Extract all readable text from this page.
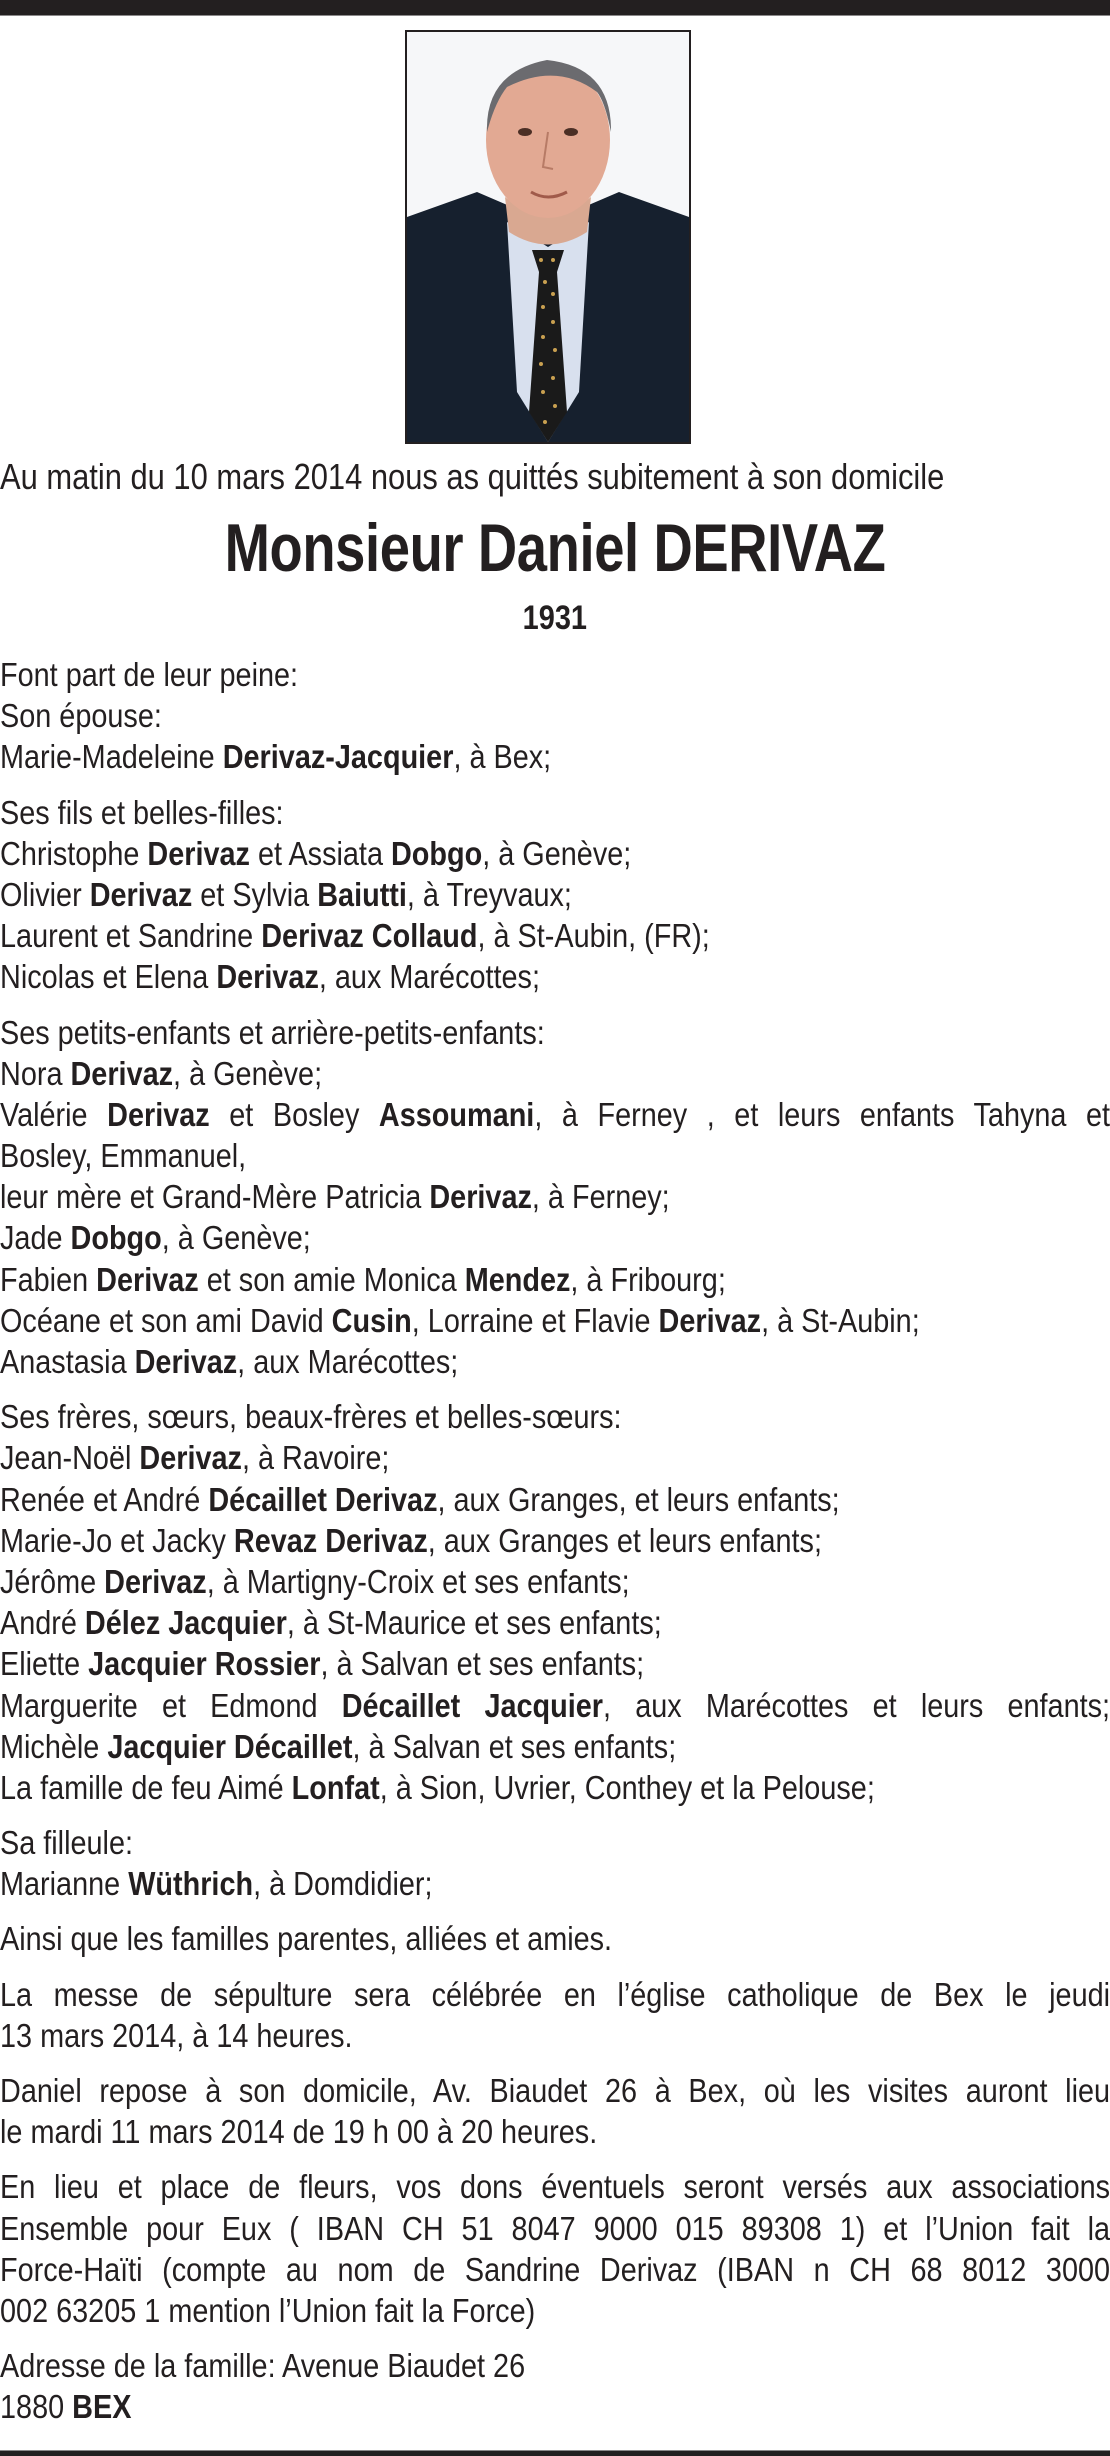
Au matin du 10 mars 2014 nous as quittés subitement à son domicile
Monsieur Daniel DERIVAZ
1931
Font part de leur peine:
Son épouse:
Marie-Madeleine Derivaz-Jacquier, à Bex;
Ses fils et belles-filles:
Christophe Derivaz et Assiata Dobgo, à Genève;
Olivier Derivaz et Sylvia Baiutti, à Treyvaux;
Laurent et Sandrine Derivaz Collaud, à St-Aubin, (FR);
Nicolas et Elena Derivaz, aux Marécottes;
Ses petits-enfants et arrière-petits-enfants:
Nora Derivaz, à Genève;
Valérie Derivaz et Bosley Assoumani, à Ferney , et leurs enfants Tahyna et
Bosley, Emmanuel,
leur mère et Grand-Mère Patricia Derivaz, à Ferney;
Jade Dobgo, à Genève;
Fabien Derivaz et son amie Monica Mendez, à Fribourg;
Océane et son ami David Cusin, Lorraine et Flavie Derivaz, à St-Aubin;
Anastasia Derivaz, aux Marécottes;
Ses frères, sœurs, beaux-frères et belles-sœurs:
Jean-Noël Derivaz, à Ravoire;
Renée et André Décaillet Derivaz, aux Granges, et leurs enfants;
Marie-Jo et Jacky Revaz Derivaz, aux Granges et leurs enfants;
Jérôme Derivaz, à Martigny-Croix et ses enfants;
André Délez Jacquier, à St-Maurice et ses enfants;
Eliette Jacquier Rossier, à Salvan et ses enfants;
Marguerite et Edmond Décaillet Jacquier, aux Marécottes et leurs enfants;
Michèle Jacquier Décaillet, à Salvan et ses enfants;
La famille de feu Aimé Lonfat, à Sion, Uvrier, Conthey et la Pelouse;
Sa filleule:
Marianne Wüthrich, à Domdidier;
Ainsi que les familles parentes, alliées et amies.
La messe de sépulture sera célébrée en l’église catholique de Bex le jeudi
13 mars 2014, à 14 heures.
Daniel repose à son domicile, Av. Biaudet 26 à Bex, où les visites auront lieu
le mardi 11 mars 2014 de 19 h 00 à 20 heures.
En lieu et place de fleurs, vos dons éventuels seront versés aux associations
Ensemble pour Eux ( IBAN CH 51 8047 9000 015 89308 1) et l’Union fait la
Force-Haïti (compte au nom de Sandrine Derivaz (IBAN n CH 68 8012 3000
002 63205 1 mention l’Union fait la Force)
Adresse de la famille: Avenue Biaudet 26
1880 BEX
